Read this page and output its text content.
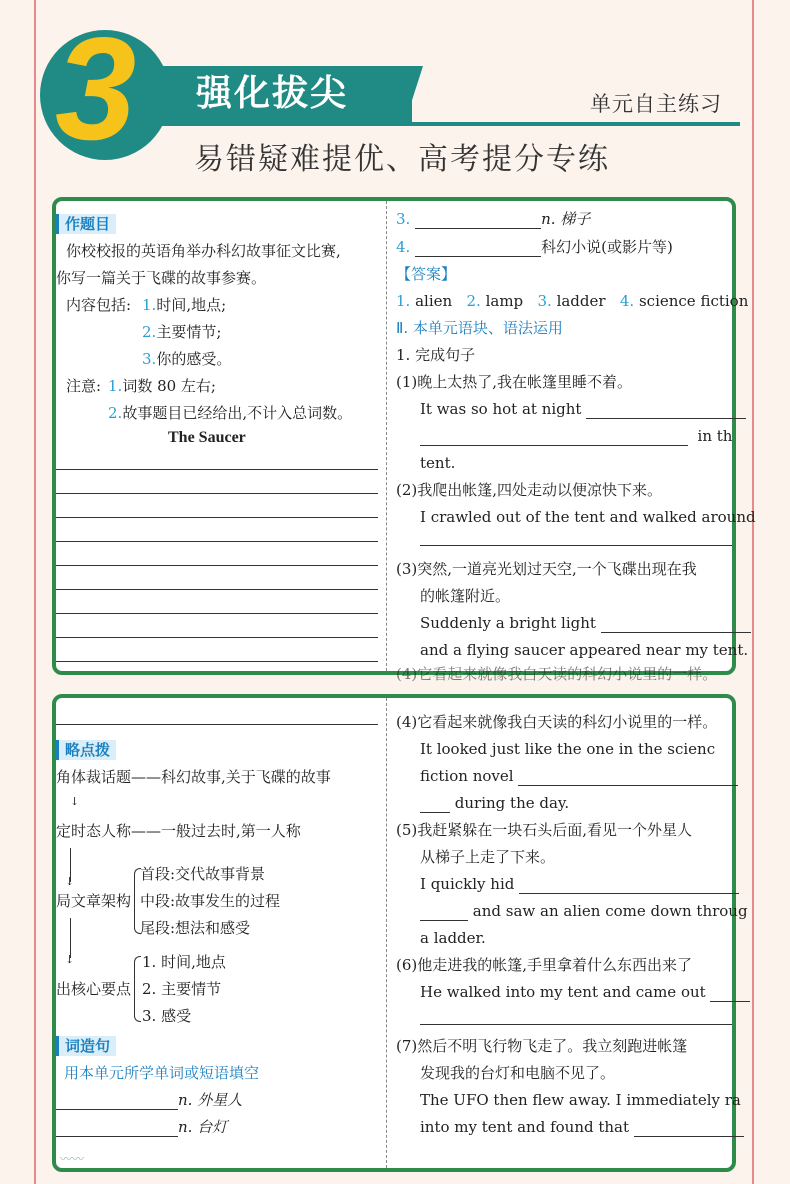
3 强化拔尖	单元自主练习
易错疑难提优、高考提分专练
作题目
你校校报的英语角举办科幻故事征文比赛,
你写一篇关于飞碟的故事参赛。
内容包括: 1.时间,地点;
2.主要情节;
3.你的感受。
注意: 1.词数 80 左右;
2.故事题目已经给出,不计入总词数。
The Saucer
3.	n. 梯子
4.	科幻小说(或影片等)
【答案】
1. alien 2. lamp 3. ladder 4. science fiction
Ⅱ. 本单元语块、语法运用
1. 完成句子
(1)晚上太热了,我在帐篷里睡不着。
It was so hot at night
in th
tent.
(2)我爬出帐篷,四处走动以便凉快下来。
I crawled out of the tent and walked around
(3)突然,一道亮光划过天空,一个飞碟出现在我
的帐篷附近。
Suddenly a bright light
and a flying saucer appeared near my tent.
(4)它看起来就像我白天读的科幻小说里的一样。
略点拨
角体裁话题——科幻故事,关于飞碟的故事
↓
定时态人称——一般过去时,第一人称
↓
局文章架构
首段:交代故事背景
中段:故事发生的过程
尾段:想法和感受
↓
出核心要点
1. 时间,地点
2. 主要情节
3. 感受
词造句
用本单元所学单词或短语填空
n. 外星人
n. 台灯
(4)它看起来就像我白天读的科幻小说里的一样。
It looked just like the one in the scienc
fiction novel
during the day.
(5)我赶紧躲在一块石头后面,看见一个外星人
从梯子上走了下来。
I quickly hid
and saw an alien come down throug
a ladder.
(6)他走进我的帐篷,手里拿着什么东西出来了
He walked into my tent and came out
(7)然后不明飞行物飞走了。我立刻跑进帐篷
发现我的台灯和电脑不见了。
The UFO then flew away. I immediately ra
into my tent and found that
〰〰
